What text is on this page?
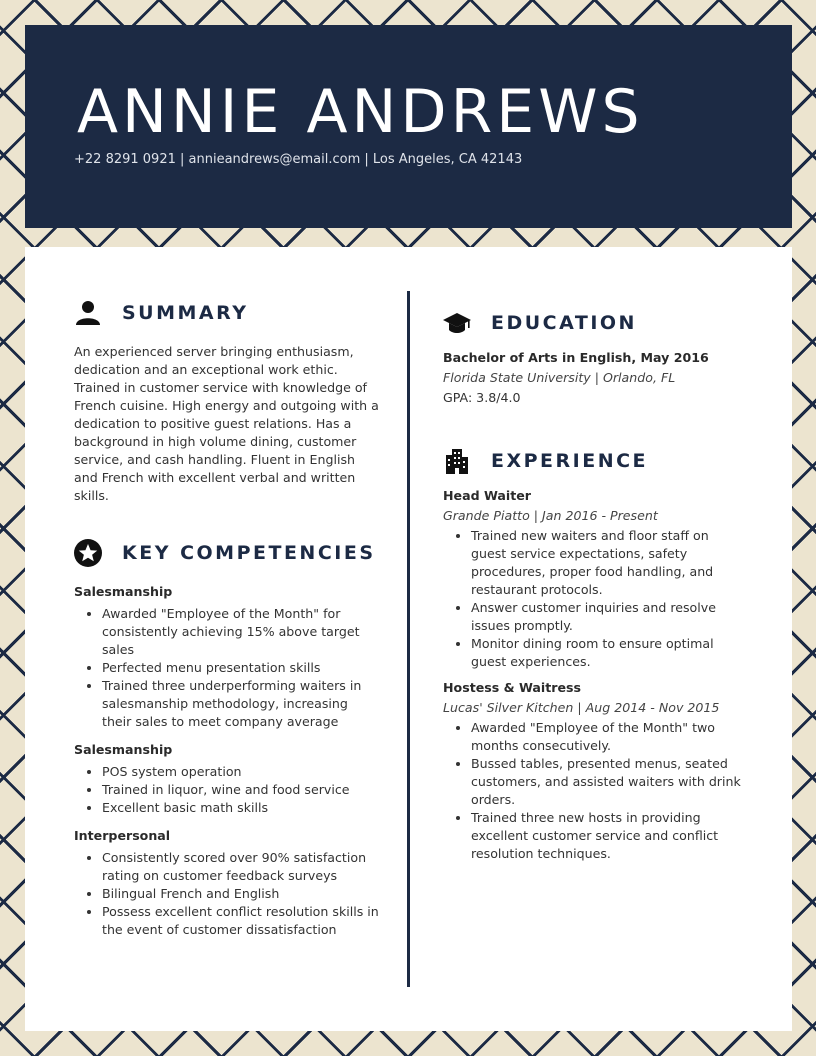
ANNIE ANDREWS
+22 8291 0921 | annieandrews@email.com | Los Angeles, CA 42143
SUMMARY
An experienced server bringing enthusiasm, dedication and an exceptional work ethic. Trained in customer service with knowledge of French cuisine. High energy and outgoing with a dedication to positive guest relations. Has a background in high volume dining, customer service, and cash handling. Fluent in English and French with excellent verbal and written skills.
KEY COMPETENCIES
Salesmanship
• Awarded "Employee of the Month" for consistently achieving 15% above target sales
• Perfected menu presentation skills
• Trained three underperforming waiters in salesmanship methodology, increasing their sales to meet company average
Salesmanship
• POS system operation
• Trained in liquor, wine and food service
• Excellent basic math skills
Interpersonal
• Consistently scored over 90% satisfaction rating on customer feedback surveys
• Bilingual French and English
• Possess excellent conflict resolution skills in the event of customer dissatisfaction
EDUCATION
Bachelor of Arts in English, May 2016
Florida State University | Orlando, FL
GPA: 3.8/4.0
EXPERIENCE
Head Waiter
Grande Piatto | Jan 2016 - Present
• Trained new waiters and floor staff on guest service expectations, safety procedures, proper food handling, and restaurant protocols.
• Answer customer inquiries and resolve issues promptly.
• Monitor dining room to ensure optimal guest experiences.
Hostess & Waitress
Lucas' Silver Kitchen | Aug 2014 - Nov 2015
• Awarded "Employee of the Month" two months consecutively.
• Bussed tables, presented menus, seated customers, and assisted waiters with drink orders.
• Trained three new hosts in providing excellent customer service and conflict resolution techniques.
